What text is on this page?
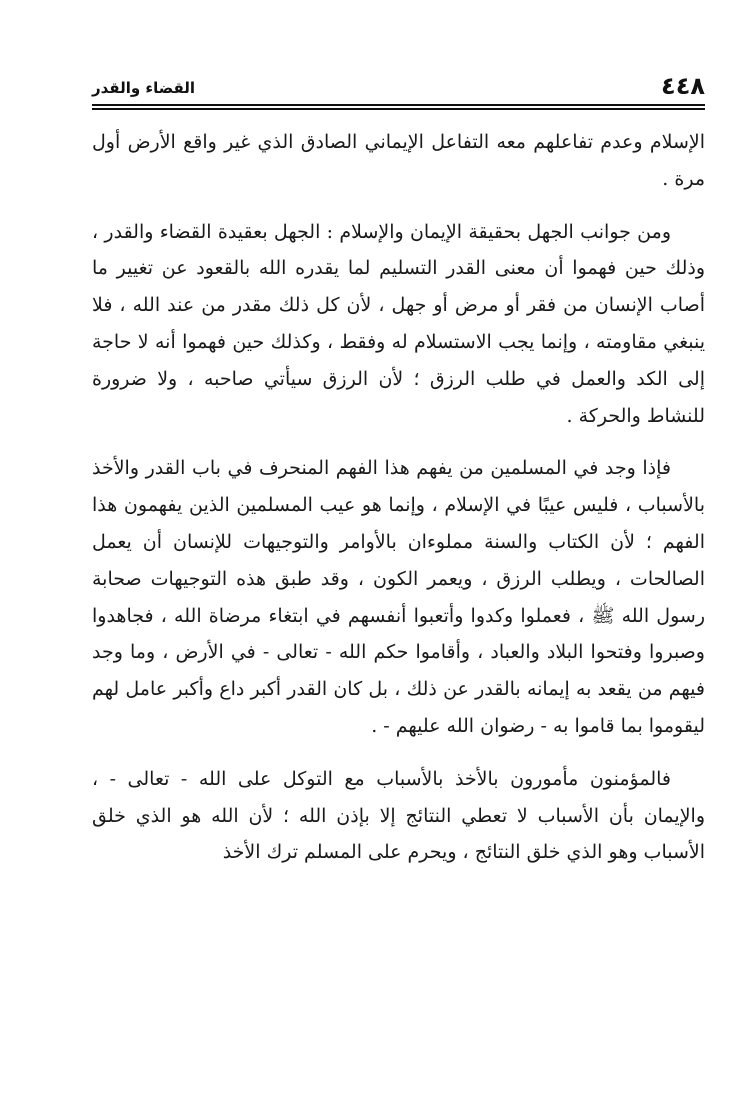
٤٤٨
القضاء والقدر

الإسلام وعدم تفاعلهم معه التفاعل الإيماني الصادق الذي غير واقع الأرض أول مرة .

ومن جوانب الجهل بحقيقة الإيمان والإسلام : الجهل بعقيدة القضاء والقدر ، وذلك حين فهموا أن معنى القدر التسليم لما يقدره الله بالقعود عن تغيير ما أصاب الإنسان من فقر أو مرض أو جهل ، لأن كل ذلك مقدر من عند الله ، فلا ينبغي مقاومته ، وإنما يجب الاستسلام له وفقط ، وكذلك حين فهموا أنه لا حاجة إلى الكد والعمل في طلب الرزق ؛ لأن الرزق سيأتي صاحبه ، ولا ضرورة للنشاط والحركة .

فإذا وجد في المسلمين من يفهم هذا الفهم المنحرف في باب القدر والأخذ بالأسباب ، فليس عيبًا في الإسلام ، وإنما هو عيب المسلمين الذين يفهمون هذا الفهم ؛ لأن الكتاب والسنة مملوءان بالأوامر والتوجيهات للإنسان أن يعمل الصالحات ، ويطلب الرزق ، ويعمر الكون ، وقد طبق هذه التوجيهات صحابة رسول الله ﷺ ، فعملوا وكدوا وأتعبوا أنفسهم في ابتغاء مرضاة الله ، فجاهدوا وصبروا وفتحوا البلاد والعباد ، وأقاموا حكم الله - تعالى - في الأرض ، وما وجد فيهم من يقعد به إيمانه بالقدر عن ذلك ، بل كان القدر أكبر داع وأكبر عامل لهم ليقوموا بما قاموا به - رضوان الله عليهم - .

فالمؤمنون مأمورون بالأخذ بالأسباب مع التوكل على الله - تعالى - ، والإيمان بأن الأسباب لا تعطي النتائج إلا بإذن الله ؛ لأن الله هو الذي خلق الأسباب وهو الذي خلق النتائج ، ويحرم على المسلم ترك الأخذ
